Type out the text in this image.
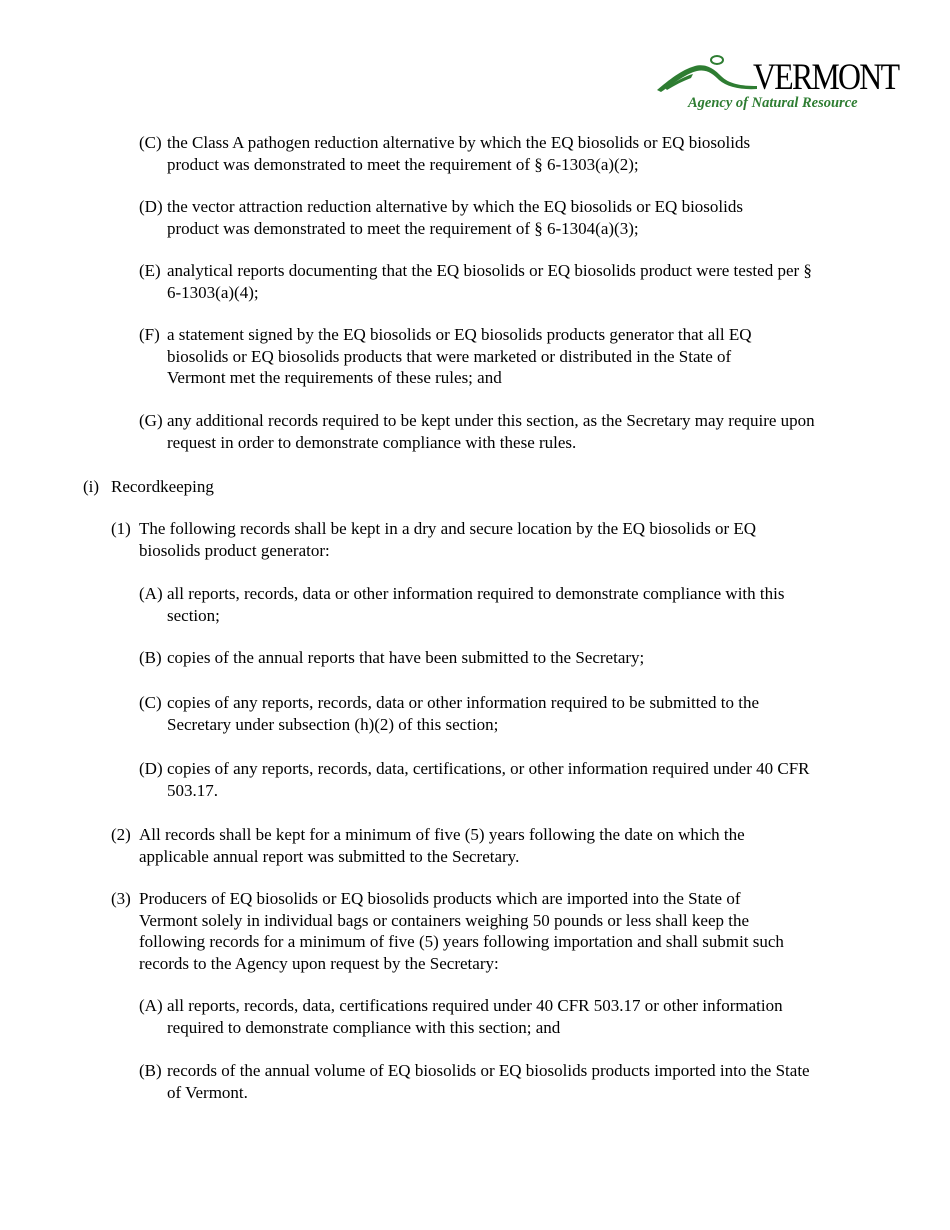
VERMONT
Agency of Natural Resource
(C) the Class A pathogen reduction alternative by which the EQ biosolids or EQ biosolids
product was demonstrated to meet the requirement of § 6-1303(a)(2);
(D) the vector attraction reduction alternative by which the EQ biosolids or EQ biosolids
product was demonstrated to meet the requirement of § 6-1304(a)(3);
(E) analytical reports documenting that the EQ biosolids or EQ biosolids product were tested per §
6-1303(a)(4);
(F) a statement signed by the EQ biosolids or EQ biosolids products generator that all EQ
biosolids or EQ biosolids products that were marketed or distributed in the State of
Vermont met the requirements of these rules; and
(G) any additional records required to be kept under this section, as the Secretary may require upon
request in order to demonstrate compliance with these rules.
(i) Recordkeeping
(1) The following records shall be kept in a dry and secure location by the EQ biosolids or EQ
biosolids product generator:
(A) all reports, records, data or other information required to demonstrate compliance with this
section;
(B) copies of the annual reports that have been submitted to the Secretary;
(C) copies of any reports, records, data or other information required to be submitted to the
Secretary under subsection (h)(2) of this section;
(D) copies of any reports, records, data, certifications, or other information required under 40 CFR
503.17.
(2) All records shall be kept for a minimum of five (5) years following the date on which the
applicable annual report was submitted to the Secretary.
(3) Producers of EQ biosolids or EQ biosolids products which are imported into the State of
Vermont solely in individual bags or containers weighing 50 pounds or less shall keep the
following records for a minimum of five (5) years following importation and shall submit such
records to the Agency upon request by the Secretary:
(A) all reports, records, data, certifications required under 40 CFR 503.17 or other information
required to demonstrate compliance with this section; and
(B) records of the annual volume of EQ biosolids or EQ biosolids products imported into the State
of Vermont.
